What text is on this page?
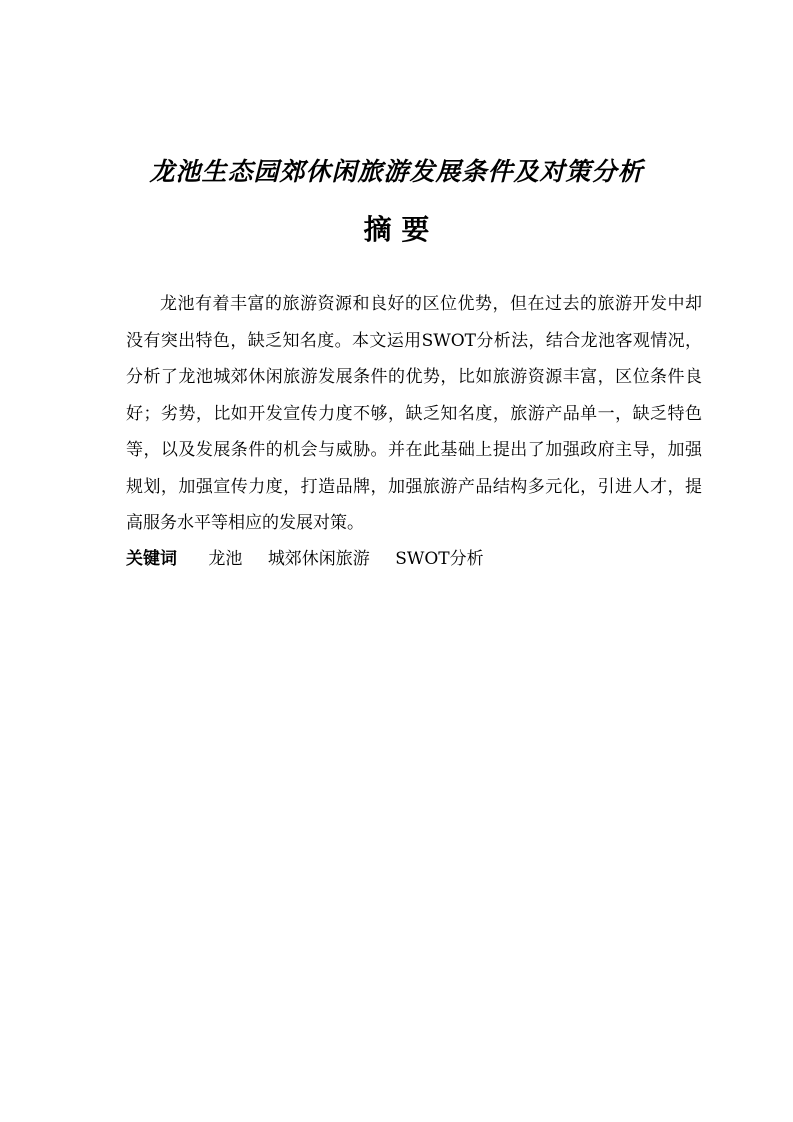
龙池生态园郊休闲旅游发展条件及对策分析
摘 要

龙池有着丰富的旅游资源和良好的区位优势，但在过去的旅游开发中却没有突出特色，缺乏知名度。本文运用SWOT分析法，结合龙池客观情况，分析了龙池城郊休闲旅游发展条件的优势，比如旅游资源丰富，区位条件良好；劣势，比如开发宣传力度不够，缺乏知名度，旅游产品单一，缺乏特色等，以及发展条件的机会与威胁。并在此基础上提出了加强政府主导，加强规划，加强宣传力度，打造品牌，加强旅游产品结构多元化，引进人才，提高服务水平等相应的发展对策。

关键词 龙池 城郊休闲旅游 SWOT分析
